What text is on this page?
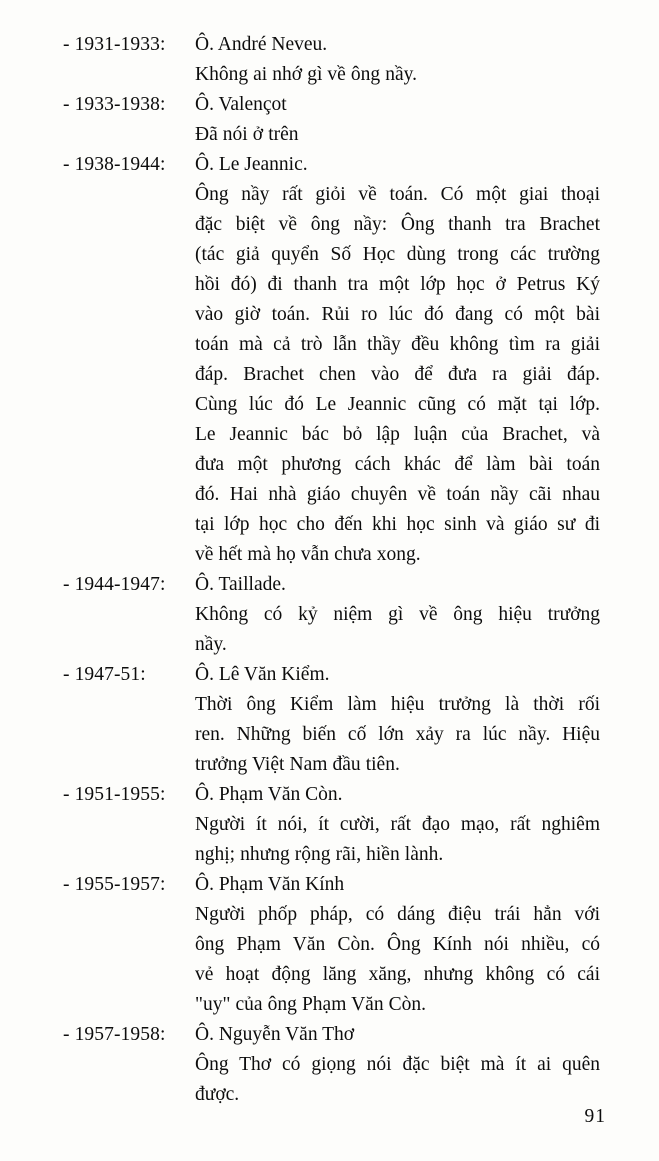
- 1931-1933:	Ô. André Neveu.
Không ai nhớ gì về ông nầy.
- 1933-1938:	Ô. Valençot
Đã nói ở trên
- 1938-1944:	Ô. Le Jeannic.
Ông nầy rất giỏi về toán. Có một giai thoại
đặc biệt về ông nầy: Ông thanh tra Brachet
(tác giả quyển Số Học dùng trong các trường
hồi đó) đi thanh tra một lớp học ở Petrus Ký
vào giờ toán. Rủi ro lúc đó đang có một bài
toán mà cả trò lẫn thầy đều không tìm ra giải
đáp. Brachet chen vào để đưa ra giải đáp.
Cùng lúc đó Le Jeannic cũng có mặt tại lớp.
Le Jeannic bác bỏ lập luận của Brachet, và
đưa một phương cách khác để làm bài toán
đó. Hai nhà giáo chuyên về toán nầy cãi nhau
tại lớp học cho đến khi học sinh và giáo sư đi
về hết mà họ vẫn chưa xong.
- 1944-1947:	Ô. Taillade.
Không có kỷ niệm gì về ông hiệu trưởng
nầy.
- 1947-51:	Ô. Lê Văn Kiểm.
Thời ông Kiểm làm hiệu trưởng là thời rối
ren. Những biến cố lớn xảy ra lúc nầy. Hiệu
trưởng Việt Nam đầu tiên.
- 1951-1955:	Ô. Phạm Văn Còn.
Người ít nói, ít cười, rất đạo mạo, rất nghiêm
nghị; nhưng rộng rãi, hiền lành.
- 1955-1957:	Ô. Phạm Văn Kính
Người phốp pháp, có dáng điệu trái hẳn với
ông Phạm Văn Còn. Ông Kính nói nhiều, có
vẻ hoạt động lăng xăng, nhưng không có cái
"uy" của ông Phạm Văn Còn.
- 1957-1958:	Ô. Nguyễn Văn Thơ
Ông Thơ có giọng nói đặc biệt mà ít ai quên
được.
91
